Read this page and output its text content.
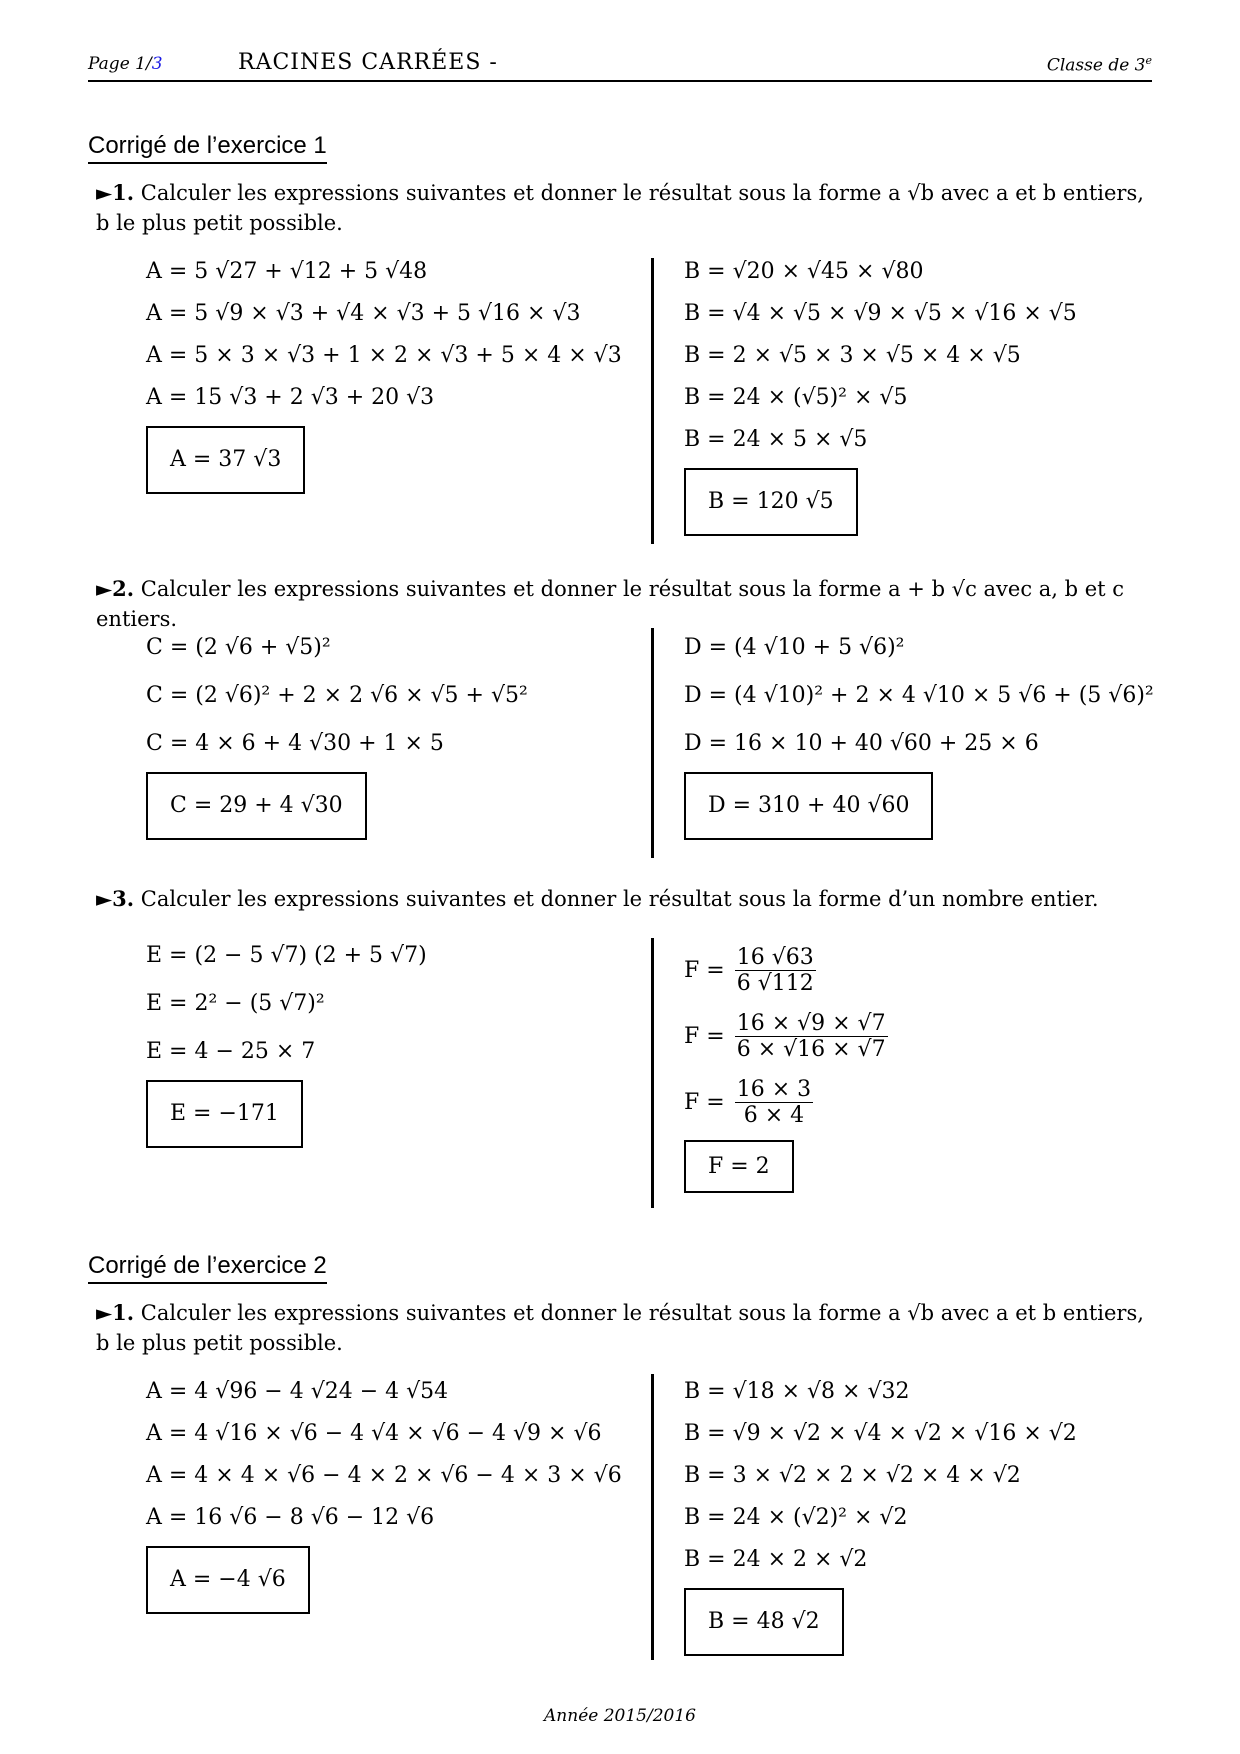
Page 1/3	RACINES CARRÉES -	Classe de 3e
Corrigé de l’exercice 1
►1. Calculer les expressions suivantes et donner le résultat sous la forme a √b avec a et b entiers, b le plus petit possible.
A = 5 √27 + √12 + 5 √48
A = 5 √9 × √3 + √4 × √3 + 5 √16 × √3
A = 5 × 3 × √3 + 1 × 2 × √3 + 5 × 4 × √3
A = 15 √3 + 2 √3 + 20 √3
A = 37 √3
B = √20 × √45 × √80
B = √4 × √5 × √9 × √5 × √16 × √5
B = 2 × √5 × 3 × √5 × 4 × √5
B = 24 × (√5)² × √5
B = 24 × 5 × √5
B = 120 √5
►2. Calculer les expressions suivantes et donner le résultat sous la forme a + b √c avec a, b et c entiers.
C = (2 √6 + √5)²
C = (2 √6)² + 2 × 2 √6 × √5 + √5²
C = 4 × 6 + 4 √30 + 1 × 5
C = 29 + 4 √30
D = (4 √10 + 5 √6)²
D = (4 √10)² + 2 × 4 √10 × 5 √6 + (5 √6)²
D = 16 × 10 + 40 √60 + 25 × 6
D = 310 + 40 √60
►3. Calculer les expressions suivantes et donner le résultat sous la forme d’un nombre entier.
E = (2 − 5 √7) (2 + 5 √7)
E = 2² − (5 √7)²
E = 4 − 25 × 7
E = −171
$F = \frac{16 √63}{6 √112}$
$F = \frac{16 \times √9 \times √7}{6 \times √16 \times √7}$
$F = \frac{16 \times 3}{6 \times 4}$
F = 2
Corrigé de l’exercice 2
►1. Calculer les expressions suivantes et donner le résultat sous la forme a √b avec a et b entiers, b le plus petit possible.
A = 4 √96 − 4 √24 − 4 √54
A = 4 √16 × √6 − 4 √4 × √6 − 4 √9 × √6
A = 4 × 4 × √6 − 4 × 2 × √6 − 4 × 3 × √6
A = 16 √6 − 8 √6 − 12 √6
A = −4 √6
B = √18 × √8 × √32
B = √9 × √2 × √4 × √2 × √16 × √2
B = 3 × √2 × 2 × √2 × 4 × √2
B = 24 × (√2)² × √2
B = 24 × 2 × √2
B = 48 √2
Année 2015/2016
